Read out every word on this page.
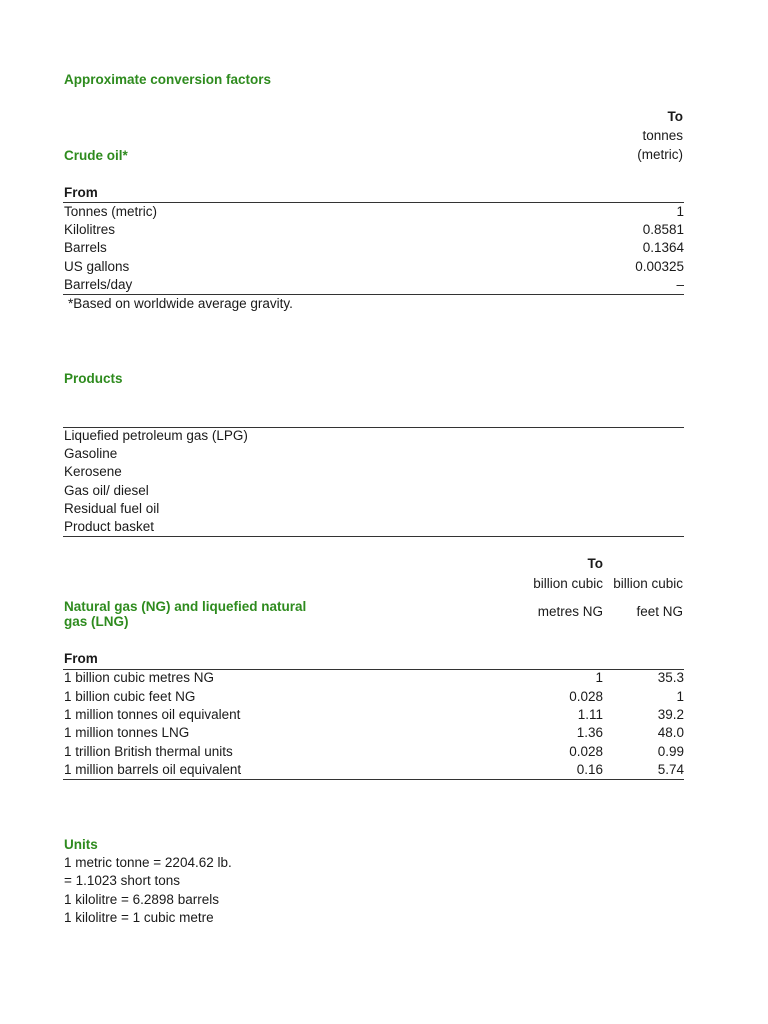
Approximate conversion factors
To
tonnes
(metric)
Crude oil*
From
Tonnes (metric)	1
Kilolitres	0.8581
Barrels	0.1364
US gallons	0.00325
Barrels/day	–
*Based on worldwide average gravity.
Products
Liquefied petroleum gas (LPG)
Gasoline
Kerosene
Gas oil/ diesel
Residual fuel oil
Product basket
To
billion cubic billion cubic
metres NG	feet NG
Natural gas (NG) and liquefied natural
gas (LNG)
From
1 billion cubic metres NG	1	35.3
1 billion cubic feet NG	0.028	1
1 million tonnes oil equivalent	1.11	39.2
1 million tonnes LNG	1.36	48.0
1 trillion British thermal units	0.028	0.99
1 million barrels oil equivalent	0.16	5.74
Units
1 metric tonne = 2204.62 lb.
= 1.1023 short tons
1 kilolitre = 6.2898 barrels
1 kilolitre = 1 cubic metre
